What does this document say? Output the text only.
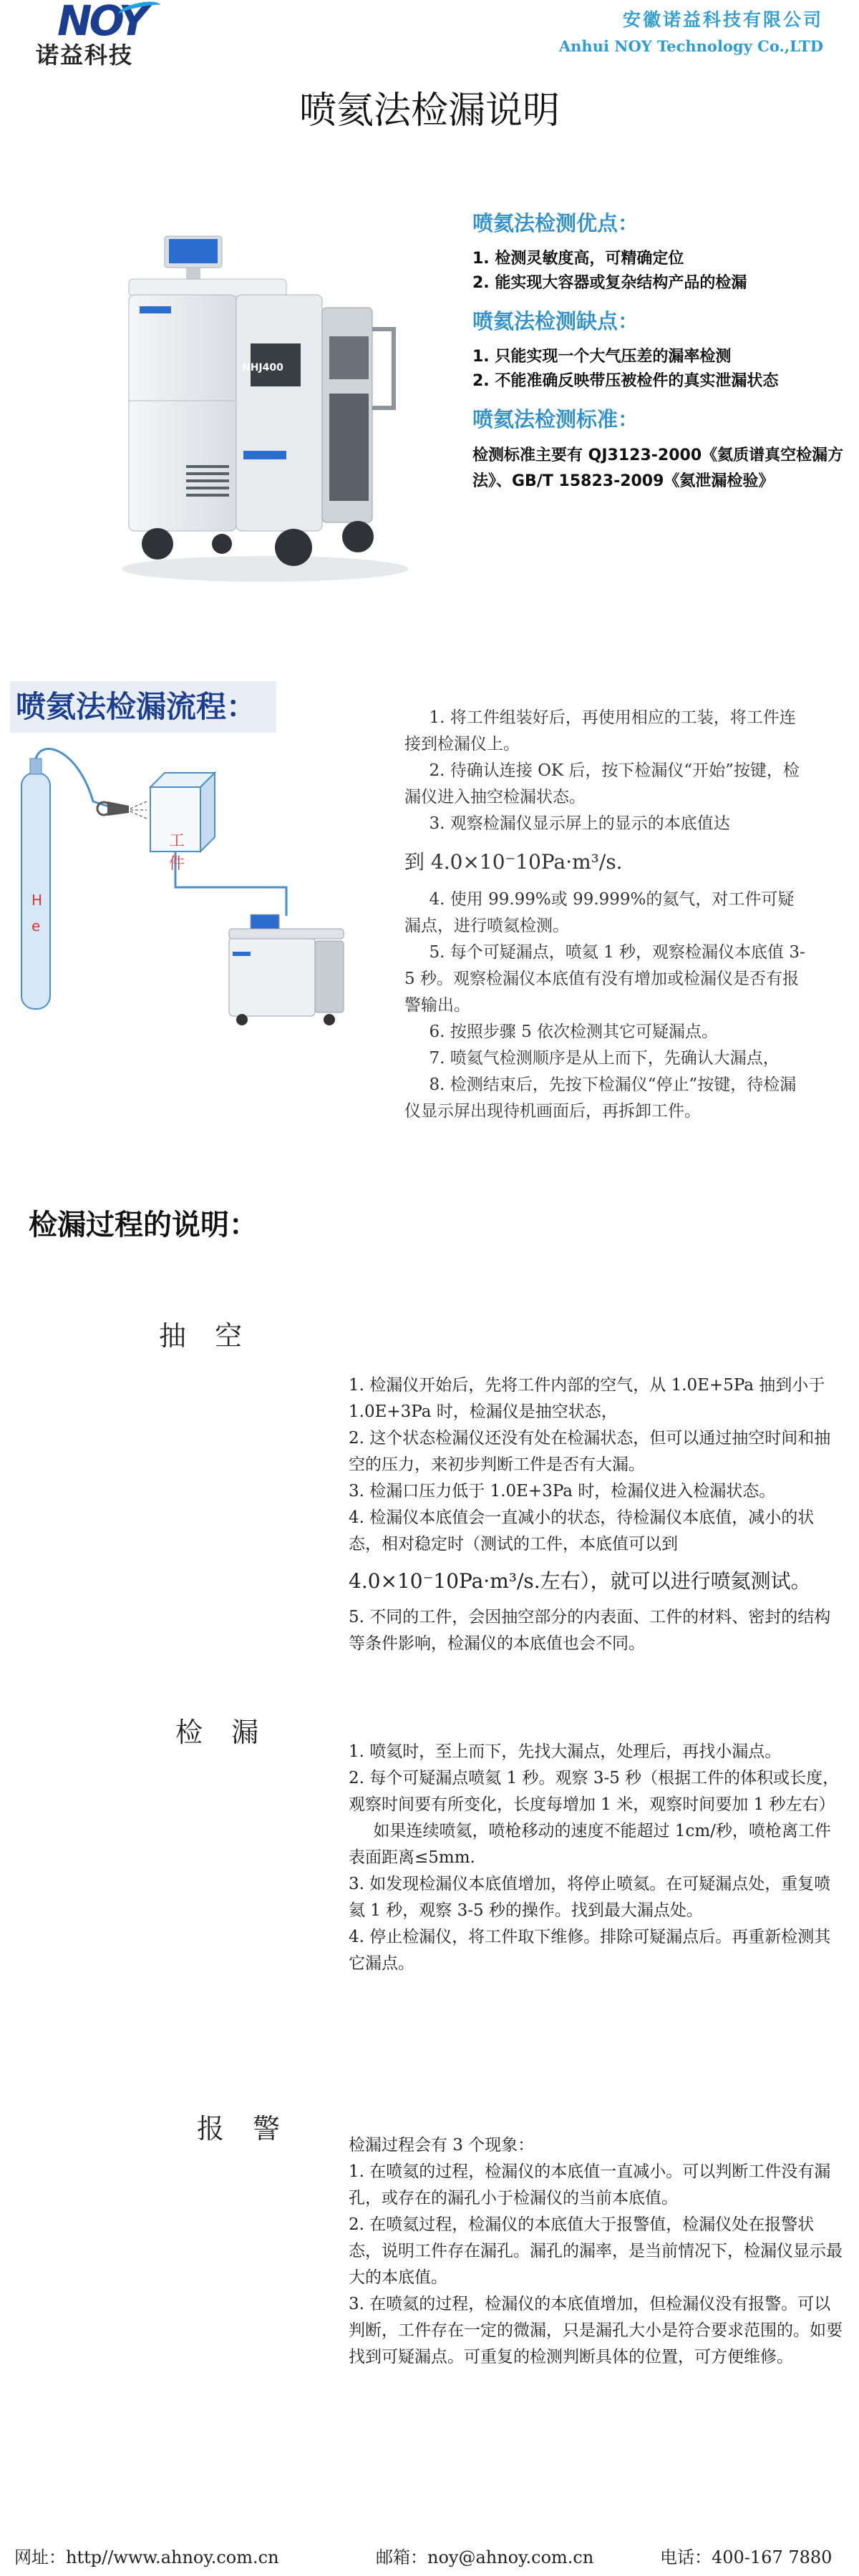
NOY
诺益科技
安徽诺益科技有限公司
Anhui NOY Technology Co.,LTD
喷氦法检漏说明
NHJ400
喷氦法检测优点：
1. 检测灵敏度高，可精确定位
2. 能实现大容器或复杂结构产品的检漏
喷氦法检测缺点：
1. 只能实现一个大气压差的漏率检测
2. 不能准确反映带压被检件的真实泄漏状态
喷氦法检测标准：

检测标准主要有 QJ3123-2000《氦质谱真空检漏方法》、GB/T 15823-2009《氦泄漏检验》

喷氦法检漏流程：
H e
工 件

1. 将工件组装好后，再使用相应的工装，将工件连接到检漏仪上。

2. 待确认连接 OK 后，按下检漏仪“开始”按键，检漏仪进入抽空检漏状态。

3. 观察检漏仪显示屏上的显示的本底值达

到 4.0×10⁻10Pa·m³/s.

4. 使用 99.99%或 99.999%的氦气，对工件可疑漏点，进行喷氦检测。

5. 每个可疑漏点，喷氦 1 秒，观察检漏仪本底值 3-5 秒。观察检漏仪本底值有没有增加或检漏仪是否有报警输出。

6. 按照步骤 5 依次检测其它可疑漏点。

7. 喷氦气检测顺序是从上而下，先确认大漏点，

8. 检测结束后，先按下检漏仪“停止”按键，待检漏仪显示屏出现待机画面后，再拆卸工件。

检漏过程的说明：
抽 空

1. 检漏仪开始后，先将工件内部的空气，从 1.0E+5Pa 抽到小于 1.0E+3Pa 时，检漏仪是抽空状态，

2. 这个状态检漏仪还没有处在检漏状态，但可以通过抽空时间和抽空的压力，来初步判断工件是否有大漏。

3. 检漏口压力低于 1.0E+3Pa 时，检漏仪进入检漏状态。

4. 检漏仪本底值会一直减小的状态，待检漏仪本底值，减小的状态，相对稳定时（测试的工件，本底值可以到

4.0×10⁻10Pa·m³/s.左右），就可以进行喷氦测试。

5. 不同的工件，会因抽空部分的内表面、工件的材料、密封的结构等条件影响，检漏仪的本底值也会不同。

检 漏

1. 喷氦时，至上而下，先找大漏点，处理后，再找小漏点。

2. 每个可疑漏点喷氦 1 秒。观察 3-5 秒（根据工件的体积或长度，观察时间要有所变化，长度每增加 1 米，观察时间要加 1 秒左右）

如果连续喷氦，喷枪移动的速度不能超过 1cm/秒，喷枪离工件表面距离≤5mm.

3. 如发现检漏仪本底值增加，将停止喷氦。在可疑漏点处，重复喷氦 1 秒，观察 3-5 秒的操作。找到最大漏点处。

4. 停止检漏仪，将工件取下维修。排除可疑漏点后。再重新检测其它漏点。

报 警

检漏过程会有 3 个现象：

1. 在喷氦的过程，检漏仪的本底值一直减小。可以判断工件没有漏孔，或存在的漏孔小于检漏仪的当前本底值。

2. 在喷氦过程，检漏仪的本底值大于报警值，检漏仪处在报警状态，说明工件存在漏孔。漏孔的漏率，是当前情况下，检漏仪显示最大的本底值。

3. 在喷氦的过程，检漏仪的本底值增加，但检漏仪没有报警。可以判断，工件存在一定的微漏，只是漏孔大小是符合要求范围的。如要找到可疑漏点。可重复的检测判断具体的位置，可方便维修。

网址：http//www.ahnoy.com.cn	邮箱：noy@ahnoy.com.cn	电话：400-167 7880
